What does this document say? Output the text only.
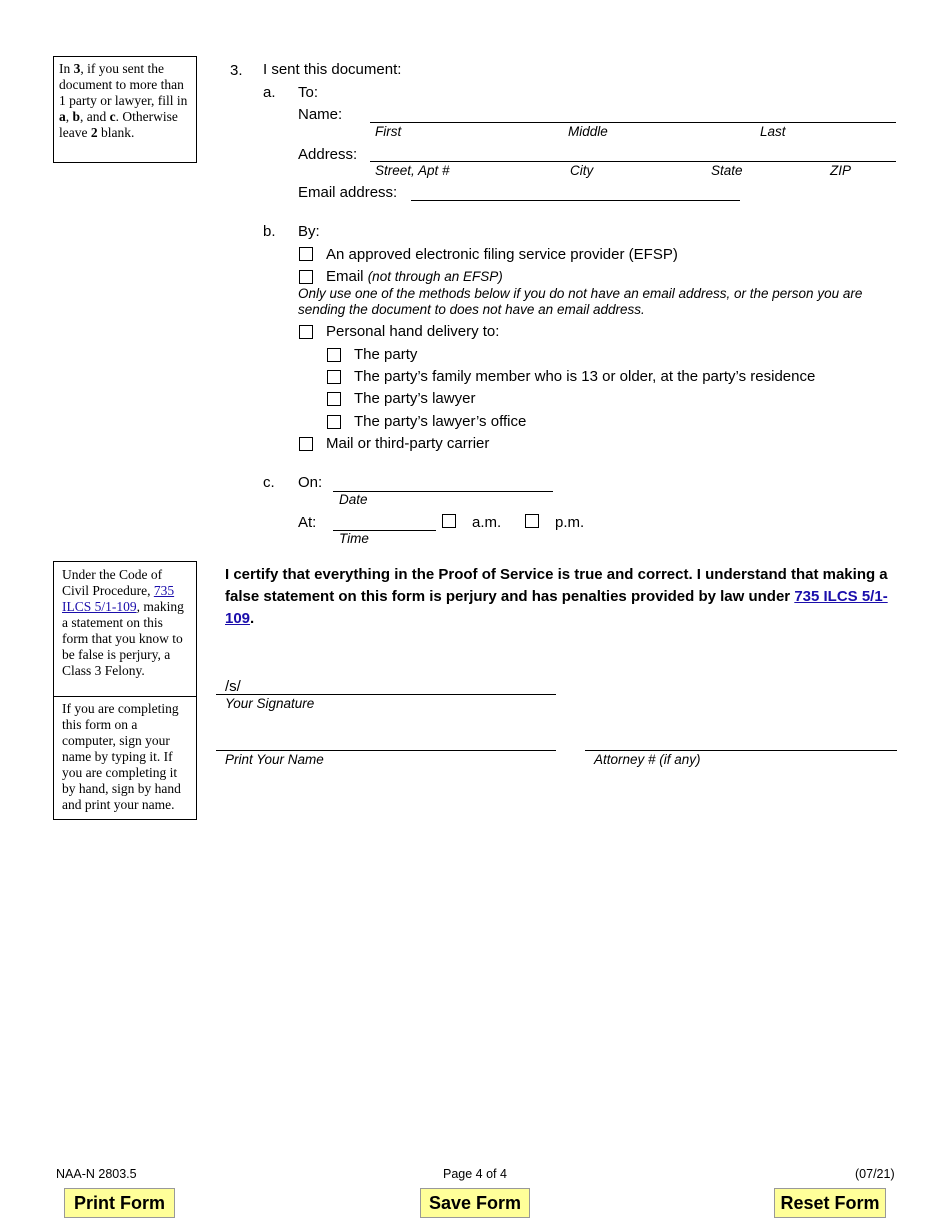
In 3, if you sent the document to more than 1 party or lawyer, fill in a, b, and c. Otherwise leave 2 blank.
3. I sent this document:
a. To:
Name:
First	Middle	Last
Address:
Street, Apt #	City	State	ZIP
Email address:
b. By:
An approved electronic filing service provider (EFSP)
Email (not through an EFSP)
Only use one of the methods below if you do not have an email address, or the person you are sending the document to does not have an email address.
Personal hand delivery to:
The party
The party’s family member who is 13 or older, at the party’s residence
The party’s lawyer
The party’s lawyer’s office
Mail or third-party carrier
c. On:
Date
At:	a.m.	p.m.
Time
Under the Code of Civil Procedure, 735 ILCS 5/1-109, making a statement on this form that you know to be false is perjury, a Class 3 Felony.
If you are completing this form on a computer, sign your name by typing it. If you are completing it by hand, sign by hand and print your name.
I certify that everything in the Proof of Service is true and correct. I understand that making a false statement on this form is perjury and has penalties provided by law under 735 ILCS 5/1-109.
/s/
Your Signature
Print Your Name	Attorney # (if any)
NAA-N 2803.5	Page 4 of 4	(07/21)
Print Form	Save Form	Reset Form
